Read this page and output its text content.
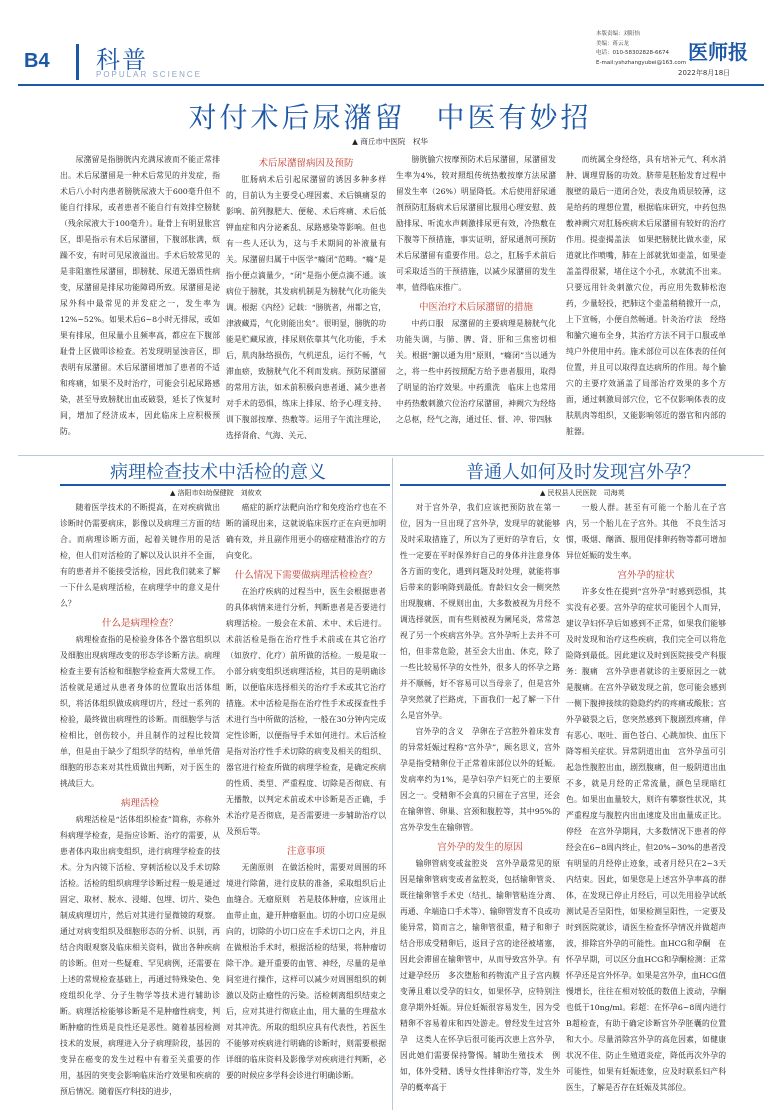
B4 科普
POPULAR SCIENCE
本版责编：刘阳怡
美编：蒋云龙
电话：010-58302828-6674
E-mail:yshzhangyubei@163.com 医师报
2022年8月18日
对付术后尿潴留　中医有妙招
▲ 商丘市中医院　权华

尿潴留是指膀胱内充满尿液而不能正常排出。术后尿潴留是一种术后常见的并发症，指术后八小时内患者膀胱尿液大于600毫升但不能自行排尿，或者患者不能自行有效排空膀胱（残余尿液大于100毫升）。耻骨上有明显胀宫区，即是指示有术后尿潴留，下腹部胀满，烦躁不安，有时可见尿液溢出。手术后较常见的是非阻塞性尿潴留，即膀胱、尿道无器质性病变，尿潴留是排尿功能障碍所致。尿潴留是泌尿外科中最常见的并发症之一，发生率为12%~52%。如果术后6~8小时无排尿，或如果有排尿，但尿量小且频率高，都应在下腹部耻骨上区做叩诊检查。若发现明显浊音区，即表明有尿潴留。术后尿潴留增加了患者的不适和疼痛，如果不及时治疗，可能会引起尿路感染，甚至导致膀胱出血或破裂，延长了恢复时间，增加了经济成本，因此临床上应积极预防。

术后尿潴留病因及预防

肛肠病术后引起尿潴留的诱因多种多样的，目前认为主要受心理因素、术后镇痛泵的影响、前列腺肥大、便秘、术后疼痛、术后低钾血症和内分泌紊乱、尿路感染等影响。但也有一些人还认为，这与手术期间的补液量有关。尿潴留归属于中医学“癃闭”范畴。“癃”是指小便点滴量少，“闭”是指小便点滴不通。该病位于膀胱，其发病机制是为膀胱气化功能失调。根据《内经》记载：“膀胱者，州都之官，津液藏焉，气化则能出矣”。很明显，膀胱的功能是贮藏尿液，排尿则依靠其气化功能，手术后，肌肉脉络损伤，气机逆乱，运行不畅，气滞血瘀，致膀胱气化不利而发病。预防尿潴留的常用方法，如术前积极向患者通、减少患者对手术的恐惧，练床上排尿、给予心理支持、训下腹部按摩、热敷等。运用子午流注理论，选择肾俞、气海、关元、

膀胱腧穴按摩预防术后尿潴留，尿潴留发生率为4%，较对照组传统热敷按摩方法尿潴留发生率（26%）明显降低。术后使用舒尿通剂预防肛肠病术后尿潴留比服用心理安慰、鼓励排尿、听流水声刺激排尿更有效，冷热敷在下腹等下预措施，事实证明，舒尿通剂可预防术后尿潴留有重要作用。总之，肛肠手术前后可采取适当的干预措施，以减少尿潴留的发生率，值得临床推广。

中医治疗术后尿潴留的措施

中药口服　尿潴留的主要病理是膀胱气化功能失调，与肺、脾、肾、肝和三焦密切相关。根据“腑以通为用”原则，“癃闭”当以通为之，将一些中药按照配方给予患者服用，取得了明显的治疗效果。中药熏洗　临床上也常用中药热敷刺激穴位治疗尿潴留，神阙穴为经络之总枢，经气之海，通过任、督、冲、带四脉

而统属全身经络，具有培补元气、利水消肿、调理胃肠的功效。脐带是胚胎发育过程中腹壁的最后一道闭合处，表皮角质层较薄，这是给药的理想位置，根据临床研究，中药包热敷神阙穴对肛肠疾病术后尿潴留有较好的治疗作用。提壶揭盖法　如果把膀胱比做水壶，尿道就比作喷嘴，肺在上部就犹如壶盖，如果壶盖盖得很紧，堵住这个小孔，水就流不出来。只要远用针灸刺激穴位，再应用先数肺松泡药，少量轻投，把肺这个壶盖稍稍掀开一点，上下宣畅，小便自然畅通。针灸治疗法　经络和腧穴遍布全身，其治疗方法不同于口服或单纯户外使用中药。施术部位可以在体表的任何位置，并且可以取得直达病所的作用。每个腧穴的主要疗效涵盖了局部治疗效果的多个方面，通过刺激局部穴位，它不仅影响体表的皮肤肌肉等组织，又能影响邻近的器官和内部的脏器。

病理检查技术中活检的意义
▲ 洛阳市妇幼保健院　刘攸欢

随着医学技术的不断提高，在对疾病做出诊断时仍需要病床，影像以及病理三方面的结合。而病理诊断方面，起着关键作用的是活检，但人们对活检的了解以及认识并不全面，有的患者并不能接受活检，因此我们就来了解一下什么是病理活检，在病理学中的意义是什么？

什么是病理检查？

病理检查指的是检验身体各个器官组织以及细胞出现病理改变的形态学诊断方法。病理检查主要有活检和细胞学检查两大常规工作。活检就是通过从患者身体的位置取出活体组织，将活体组织做成病理切片，经过一系列的检验，最终做出病理性的诊断。而细胞学与活检相比，创伤较小，并且制作的过程比较简单，但是由于缺少了组织学的结构，单单凭借细胞的形态来对其性质做出判断，对于医生的挑战巨大。

病理活检

病理活检是“活体组织检查”简称，亦称外科病理学检查，是指应诊断、治疗的需要，从患者体内取出病变组织，进行病理学检查的技术。分为内镜下活检、穿刺活检以及手术切除活检。活检的组织病理学诊断过程一般是通过固定、取材、脱水、浸蜡、包埋、切片、染色制成病理切片，然后对其进行显微镜的观察。通过对病变组织及细胞形态的分析、识别，再结合肉眼观察及临床相关资料，做出各种疾病的诊断。但对一些疑难、罕见病例，还需要在上述的常规检查基础上，再通过特殊染色、免疫组织化学、分子生物学等技术进行辅助诊断。病理活检能够诊断是不是肿瘤性病变，判断肿瘤的性质是良性还是恶性。随着基因检测技术的发展，病理进入分子病理阶段，基因的变异在癌变的发生过程中有着至关重要的作用，基因的突变会影响临床治疗效果和疾病的预后情况。随着医疗科技的进步，

癌症的新疗法靶向治疗和免疫治疗也在不断的涌现出来，这就说临床医疗正在向更加明确有效，并且副作用更小的癌症精准治疗的方向变化。

什么情况下需要做病理活检检查？

在治疗疾病的过程当中，医生会根据患者的具体病情来进行分析，判断患者是否要进行病理活检。一般会在术前、术中、术后进行。术前活检是指在治疗性手术前或在其它治疗（如放疗、化疗）前所做的活检。一般是取一小部分病变组织送病理活检，其目的是明确诊断，以便临床选择相关的治疗手术或其它治疗措施。术中活检是指在治疗性手术或探查性手术进行当中所做的活检，一般在30分钟内完成定性诊断，以便指导手术如何进行。术后活检是指对治疗性手术切除的病变及相关的组织、器官进行检查所做的病理学检查，是确定疾病的性质、类型、严重程度、切除是否彻底、有无播散，以判定术前或术中诊断是否正确，手术治疗是否彻底，是否需要进一步辅助治疗以及预后等。

注意事项

无菌原则　在做活检时，需要对周围的环境进行除菌，进行皮肤的准备，采取组织后止血缝合。无瘤原则　若是肢体肿瘤，应该用止血带止血，避开肿瘤驱血。切的小切口应是纵向的，切除的小切口应在手术切口之内，并且在做根治手术时，根据活检的结果，将肿瘤切除干净。避开重要的血管、神经，尽量的是单间室进行操作，这样可以减少对周围组织的刺激以及防止瘤性的污染。活检刺离组织结束之后，应对其进行彻底止血，用大量的生理盐水对其冲洗。所取的组织应具有代表性，若医生不能够对疾病进行明确的诊断时，则需要根据详细的临床资料及影像学对疾病进行判断，必要的时候应多学科会诊进行明确诊断。

普通人如何及时发现宫外孕？
▲ 民权县人民医院　司海英

对于宫外孕，我们应该把预防放在第一位，因为一旦出现了宫外孕，发现早的就能够及时采取措施了，所以为了更好的孕育后，女性一定要在平时保养好自己的身体并注意身体各方面的变化，遇到问题及时处理，就能将事后带来的影响降到最低。育龄妇女会一侧突然出现腹痛、不规则出血，大多数被视为月经不调选择就医，而有些则被视为阑尾炎，常常忽视了另一个疾病宫外孕。宫外孕听上去并不可怕，但非常危险，甚至会大出血、休克，除了一些比较易怀孕的女性外，很多人的怀孕之路并不顺畅，好不容易可以当母亲了，但是宫外孕突然就了拦路虎，下面我们一起了解一下什么是宫外孕。

宫外孕的含义　孕卵在子宫腔外着床发育的异常妊娠过程称“宫外孕”，顾名思义，宫外孕是指受精卵位于正常着床部位以外的妊娠。发病率约为1%，是孕妇孕产妇死亡的主要原因之一。受精卵不会真的只留在子宫里，还会在输卵管、卵巢、宫颈和腹腔等，其中95%的宫外孕发生在输卵管。

宫外孕的发生的原因

输卵管病变或盆腔炎　宫外孕最常见的原因是输卵管病变或者盆腔炎，包括输卵管炎、既往输卵管手术史（结扎、输卵管粘连分离、再通、伞端造口手术等）、输卵管发育不良或功能异常，简而言之，输卵管很重，精子和卵子结合形成受精卵后，返回子宫的途径被堵塞，因此会滞留在输卵管中，从而导致宫外孕。有过避孕经历　多次堕胎和药物流产且子宫内膜变薄且难以受孕的妇女，如果怀孕，应特别注意孕期外妊娠。异位妊娠很容易发生，因为受精卵不容易着床和四处游走。曾经发生过宫外孕　这类人在怀孕后很可能再次患上宫外孕，因此她们需要保持警惕。辅助生殖技术　例如，体外受精、诱导女性排卵治疗等，发生外孕的概率高于

一般人群。甚至有可能一个胎儿在子宫内，另一个胎儿在子宫外。其他　不良生活习惯，吸烟、酗酒、服用促排卵药物等都可增加异位妊娠的发生率。

宫外孕的症状

许多女性在提到“宫外孕”时感到恐惧，其实没有必要。宫外孕的症状可能因个人而异，建议孕妇怀孕后如感到不正常，如果我们能够及时发现和治疗这些疾病，我们完全可以将危险降到最低。因此建议及时到医院接受产科服务：腹痛　宫外孕患者就诊的主要原因之一就是腹痛。在宫外孕破发现之前，您可能会感到一侧下腹抻接续的隐隐约约的疼痛或酸胀；宫外孕破裂之后，您突然感到下腹剧烈疼痛，伴有恶心、呕吐、面色苍白、心跳加快、血压下降等相关症状。异常阴道出血　宫外孕虽可引起急性腹腔出血，剧烈腹痛，但一般阴道出血不多，就是月经的正常流量，颜色呈现暗红色。如果出血量较大，则许有攀察性状况，其严重程度与腹腔内出血速度及出血量成正比。停经　在宫外孕期间，大多数情况下患者的停经会在6~8周内终止，但20%~30%的患者没有明显的月经停止迹象，或者月经只在2~3天内结束。因此，如果您是上述宫外孕率高的群体，在发现已停止月经后，可以先用验孕试纸测试是否呈阳性，如果检测呈阳性，一定要及时到医院就诊，请医生检查怀孕情况并做超声波，排除宫外孕的可能性。血HCG和孕酮　在怀孕早期，可以区分血HCG和孕酮检测：正常怀孕还是宫外怀孕。如果是宫外孕，血HCG值慢增长，往往在相对较低的数值上波动，孕酮也低于10ng/ml。彩超：在怀孕6~8周内进行B超检查，有助于确定诊断宫外孕胚囊的位置和大小。尽量消除宫外孕的高危因素，如健康状况不佳、防止生殖道炎症，降低再次外孕的可能性，如果有妊娠迹象，应及时联系妇产科医生，了解是否存在妊娠及其部位。
